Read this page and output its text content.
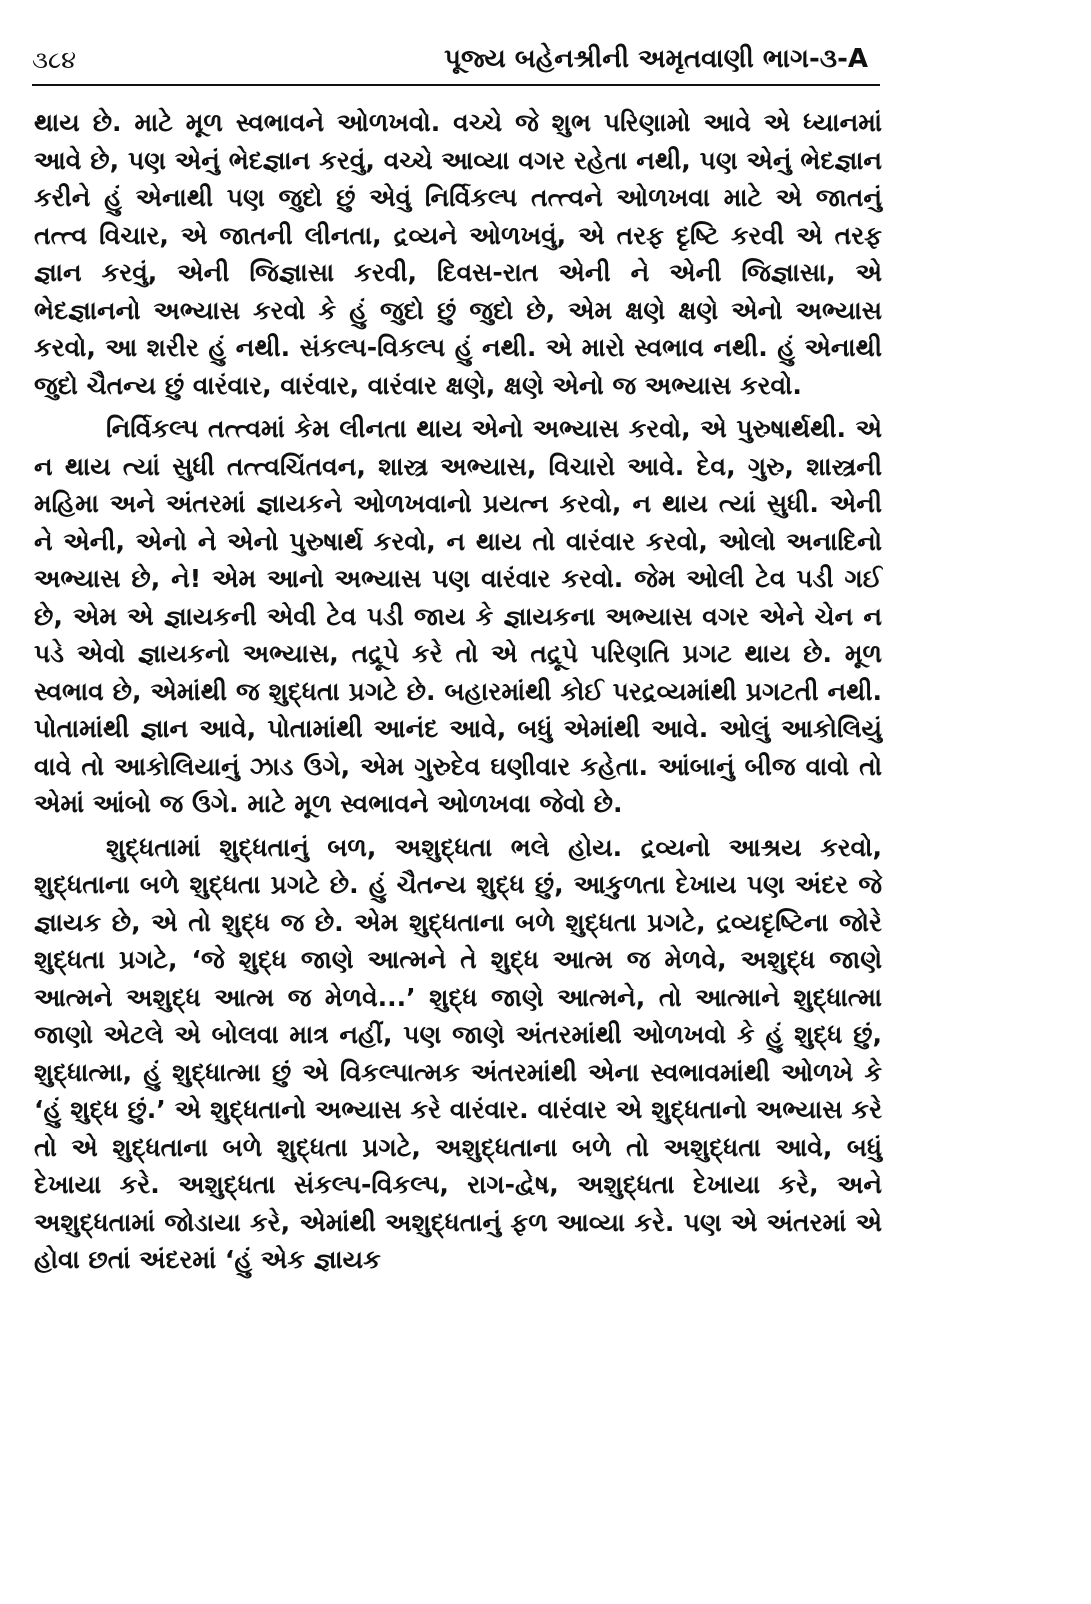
૩૮૪	પૂજ્ય બહેનશ્રીની અમૃતવાણી ભાગ-૩-A

થાય છે. માટે મૂળ સ્વભાવને ઓળખવો. વચ્ચે જે શુભ પરિણામો આવે એ ધ્યાનમાં આવે છે, પણ એનું ભેદજ્ઞાન કરવું, વચ્ચે આવ્યા વગર રહેતા નથી, પણ એનું ભેદજ્ઞાન કરીને હું એનાથી પણ જુદો છું એવું નિર્વિકલ્પ તત્ત્વને ઓળખવા માટે એ જાતનું તત્ત્વ વિચાર, એ જાતની લીનતા, દ્રવ્યને ઓળખવું, એ તરફ દૃષ્ટિ કરવી એ તરફ જ્ઞાન કરવું, એની જિજ્ઞાસા કરવી, દિવસ-રાત એની ને એની જિજ્ઞાસા, એ ભેદજ્ઞાનનો અભ્યાસ કરવો કે હું જુદો છું જુદો છે, એમ ક્ષણે ક્ષણે એનો અભ્યાસ કરવો, આ શરીર હું નથી. સંકલ્પ-વિકલ્પ હું નથી. એ મારો સ્વભાવ નથી. હું એનાથી જુદો ચૈતન્ય છું વારંવાર, વારંવાર, વારંવાર ક્ષણે, ક્ષણે એનો જ અભ્યાસ કરવો.

નિર્વિકલ્પ તત્ત્વમાં કેમ લીનતા થાય એનો અભ્યાસ કરવો, એ પુરુષાર્થથી. એ ન થાય ત્યાં સુધી તત્ત્વચિંતવન, શાસ્ત્ર અભ્યાસ, વિચારો આવે. દેવ, ગુરુ, શાસ્ત્રની મહિમા અને અંતરમાં જ્ઞાયકને ઓળખવાનો પ્રયત્ન કરવો, ન થાય ત્યાં સુધી. એની ને એની, એનો ને એનો પુરુષાર્થ કરવો, ન થાય તો વારંવાર કરવો, ઓલો અનાદિનો અભ્યાસ છે, ને! એમ આનો અભ્યાસ પણ વારંવાર કરવો. જેમ ઓલી ટેવ પડી ગઈ છે, એમ એ જ્ઞાયકની એવી ટેવ પડી જાય કે જ્ઞાયકના અભ્યાસ વગર એને ચેન ન પડે એવો જ્ઞાયકનો અભ્યાસ, તદ્રૂપે કરે તો એ તદ્રૂપે પરિણતિ પ્રગટ થાય છે. મૂળ સ્વભાવ છે, એમાંથી જ શુદ્ધતા પ્રગટે છે. બહારમાંથી કોઈ પરદ્રવ્યમાંથી પ્રગટતી નથી. પોતામાંથી જ્ઞાન આવે, પોતામાંથી આનંદ આવે, બધું એમાંથી આવે. ઓલું આકોલિયું વાવે તો આકોલિયાનું ઝાડ ઉગે, એમ ગુરુદેવ ઘણીવાર કહેતા. આંબાનું બીજ વાવો તો એમાં આંબો જ ઉગે. માટે મૂળ સ્વભાવને ઓળખવા જેવો છે.

શુદ્ધતામાં શુદ્ધતાનું બળ, અશુદ્ધતા ભલે હોય. દ્રવ્યનો આશ્રય કરવો, શુદ્ધતાના બળે શુદ્ધતા પ્રગટે છે. હું ચૈતન્ય શુદ્ધ છું, આકુળતા દેખાય પણ અંદર જે જ્ઞાયક છે, એ તો શુદ્ધ જ છે. એમ શુદ્ધતાના બળે શુદ્ધતા પ્રગટે, દ્રવ્યદૃષ્ટિના જોરે શુદ્ધતા પ્રગટે, ‘જે શુદ્ધ જાણે આત્મને તે શુદ્ધ આત્મ જ મેળવે, અશુદ્ધ જાણે આત્મને અશુદ્ધ આત્મ જ મેળવે...’ શુદ્ધ જાણે આત્મને, તો આત્માને શુદ્ધાત્મા જાણો એટલે એ બોલવા માત્ર નહીં, પણ જાણે અંતરમાંથી ઓળખવો કે હું શુદ્ધ છું, શુદ્ધાત્મા, હું શુદ્ધાત્મા છું એ વિકલ્પાત્મક અંતરમાંથી એના સ્વભાવમાંથી ઓળખે કે ‘હું શુદ્ધ છું.’ એ શુદ્ધતાનો અભ્યાસ કરે વારંવાર. વારંવાર એ શુદ્ધતાનો અભ્યાસ કરે તો એ શુદ્ધતાના બળે શુદ્ધતા પ્રગટે, અશુદ્ધતાના બળે તો અશુદ્ધતા આવે, બધું દેખાયા કરે. અશુદ્ધતા સંકલ્પ-વિકલ્પ, રાગ-દ્વેષ, અશુદ્ધતા દેખાયા કરે, અને અશુદ્ધતામાં જોડાયા કરે, એમાંથી અશુદ્ધતાનું ફળ આવ્યા કરે. પણ એ અંતરમાં એ હોવા છતાં અંદરમાં ‘હું એક જ્ઞાયક
